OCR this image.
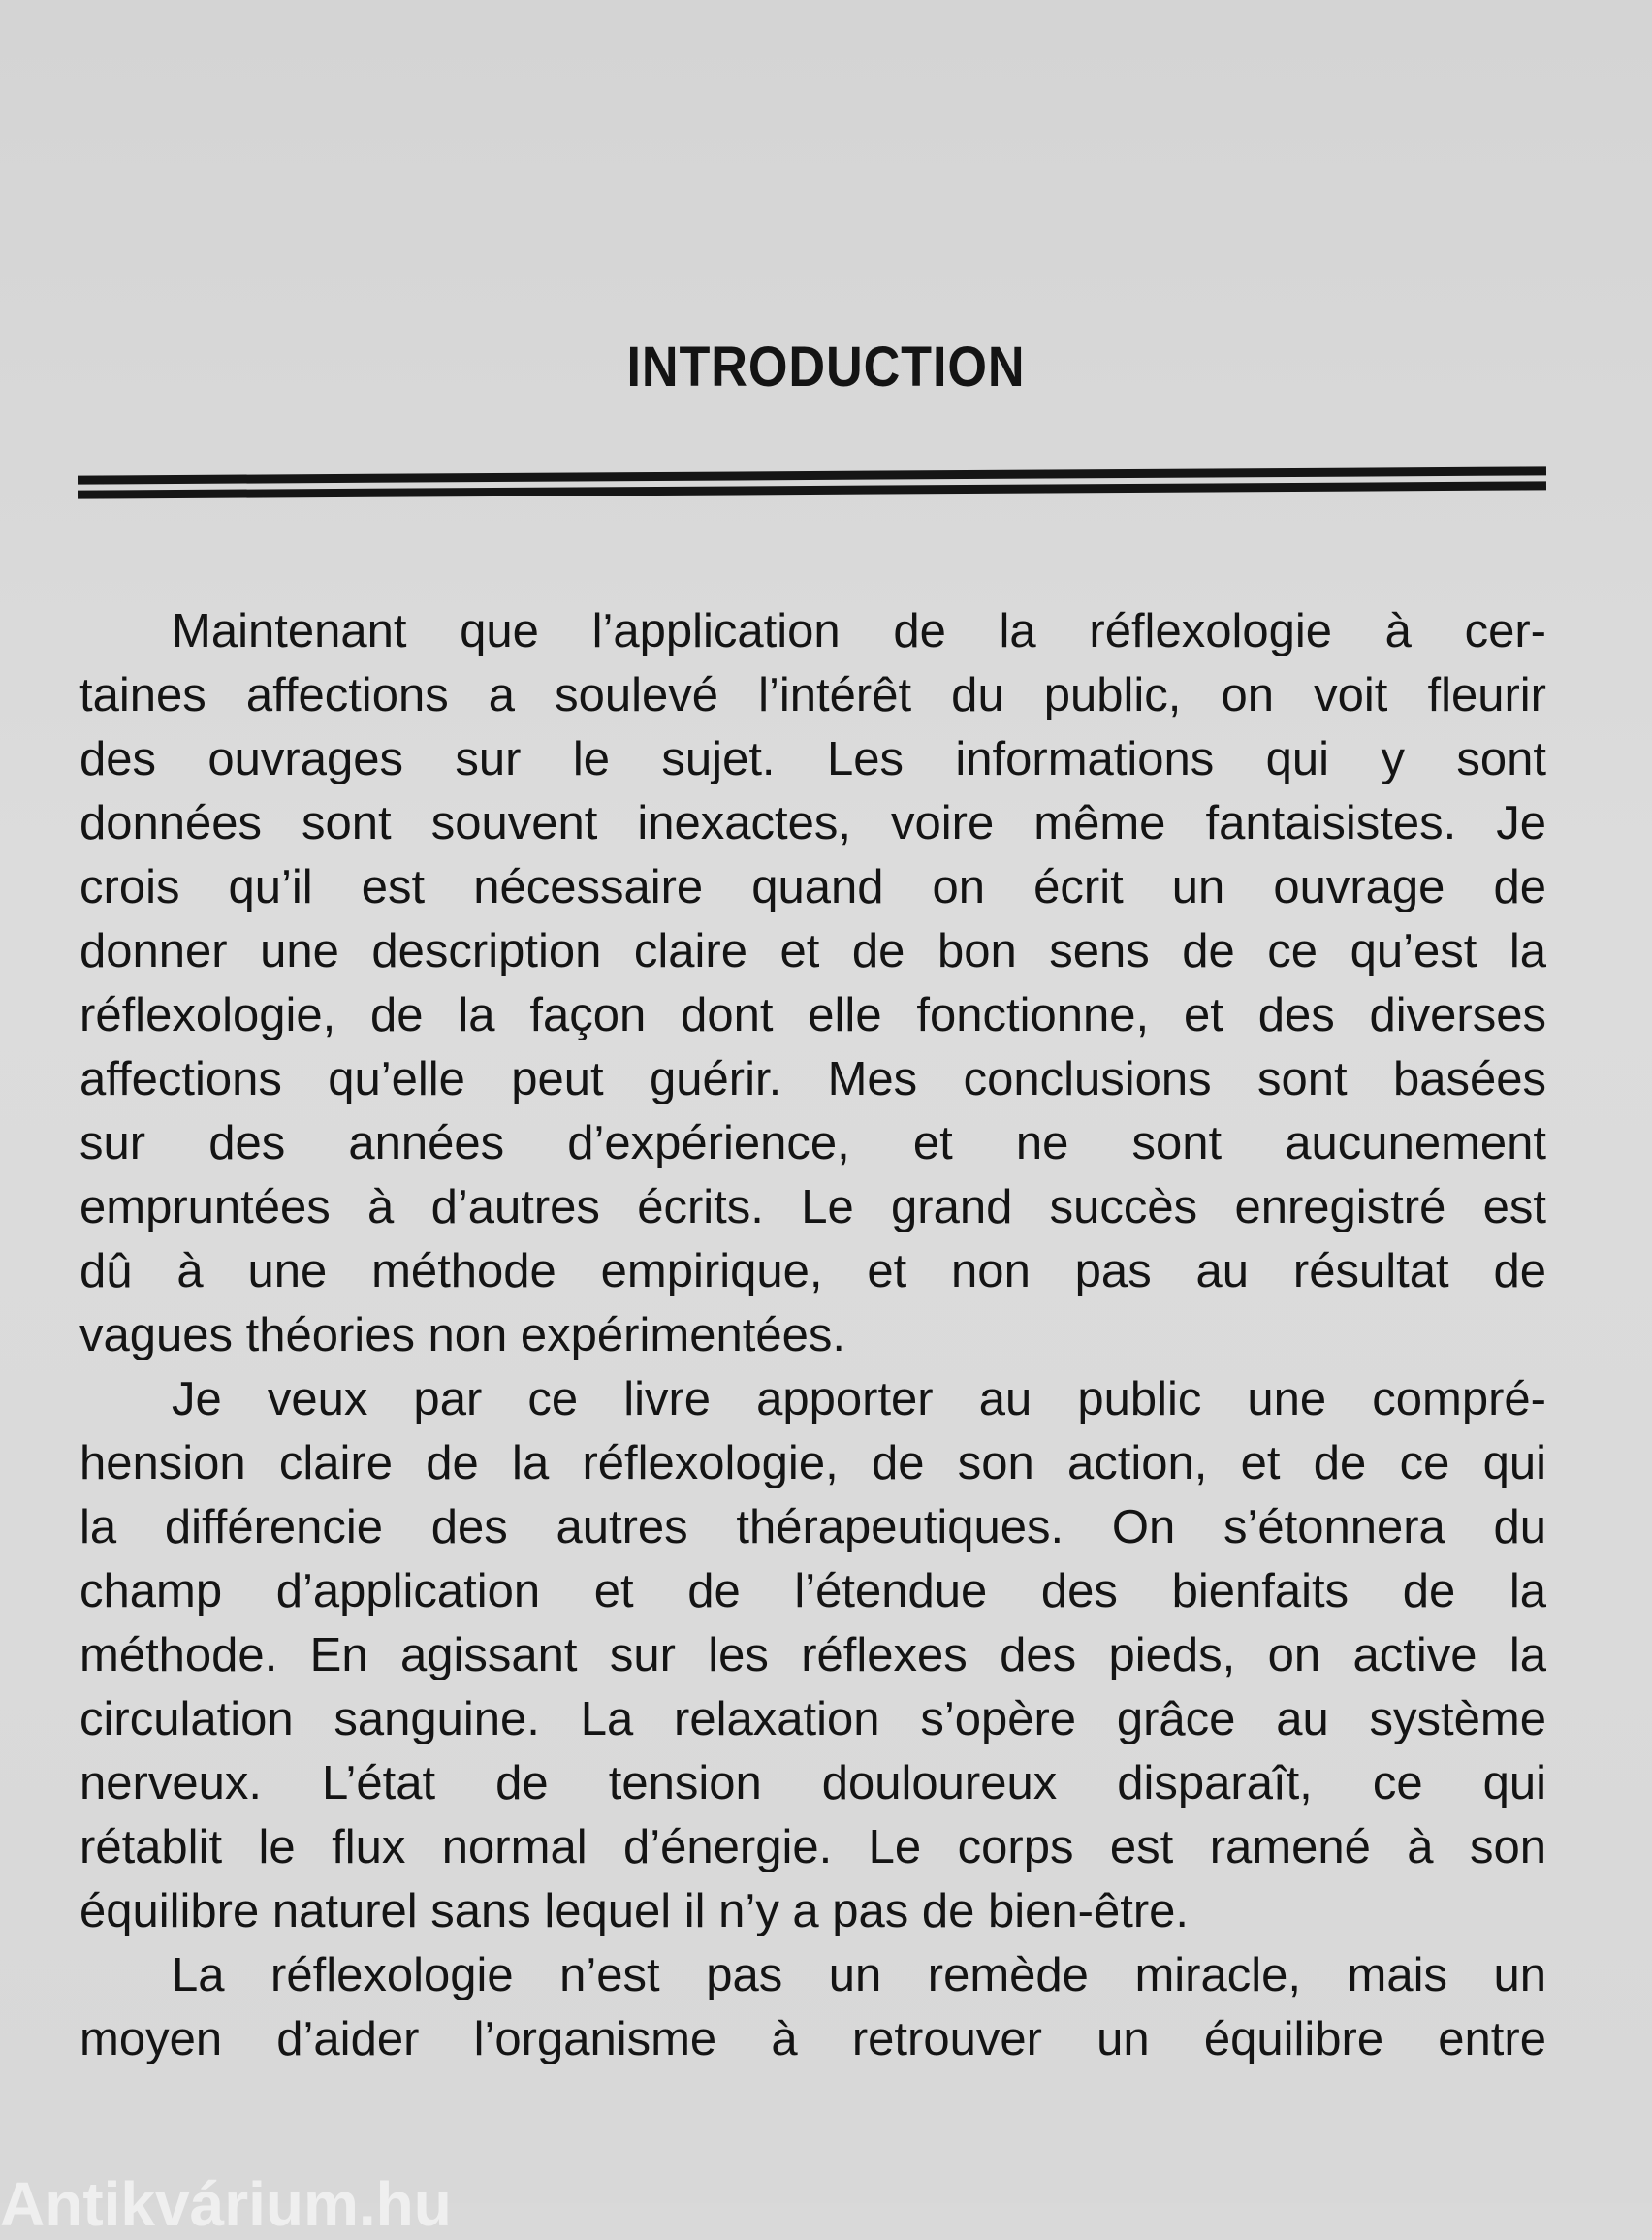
INTRODUCTION
Maintenant que l’application de la réflexologie à cer-
taines affections a soulevé l’intérêt du public, on voit fleurir
des ouvrages sur le sujet. Les informations qui y sont
données sont souvent inexactes, voire même fantaisistes. Je
crois qu’il est nécessaire quand on écrit un ouvrage de
donner une description claire et de bon sens de ce qu’est la
réflexologie, de la façon dont elle fonctionne, et des diverses
affections qu’elle peut guérir. Mes conclusions sont basées
sur des années d’expérience, et ne sont aucunement
empruntées à d’autres écrits. Le grand succès enregistré est
dû à une méthode empirique, et non pas au résultat de
vagues théories non expérimentées.
Je veux par ce livre apporter au public une compré-
hension claire de la réflexologie, de son action, et de ce qui
la différencie des autres thérapeutiques. On s’étonnera du
champ d’application et de l’étendue des bienfaits de la
méthode. En agissant sur les réflexes des pieds, on active la
circulation sanguine. La relaxation s’opère grâce au système
nerveux. L’état de tension douloureux disparaît, ce qui
rétablit le flux normal d’énergie. Le corps est ramené à son
équilibre naturel sans lequel il n’y a pas de bien-être.
La réflexologie n’est pas un remède miracle, mais un
moyen d’aider l’organisme à retrouver un équilibre entre
Antikvárium.hu
